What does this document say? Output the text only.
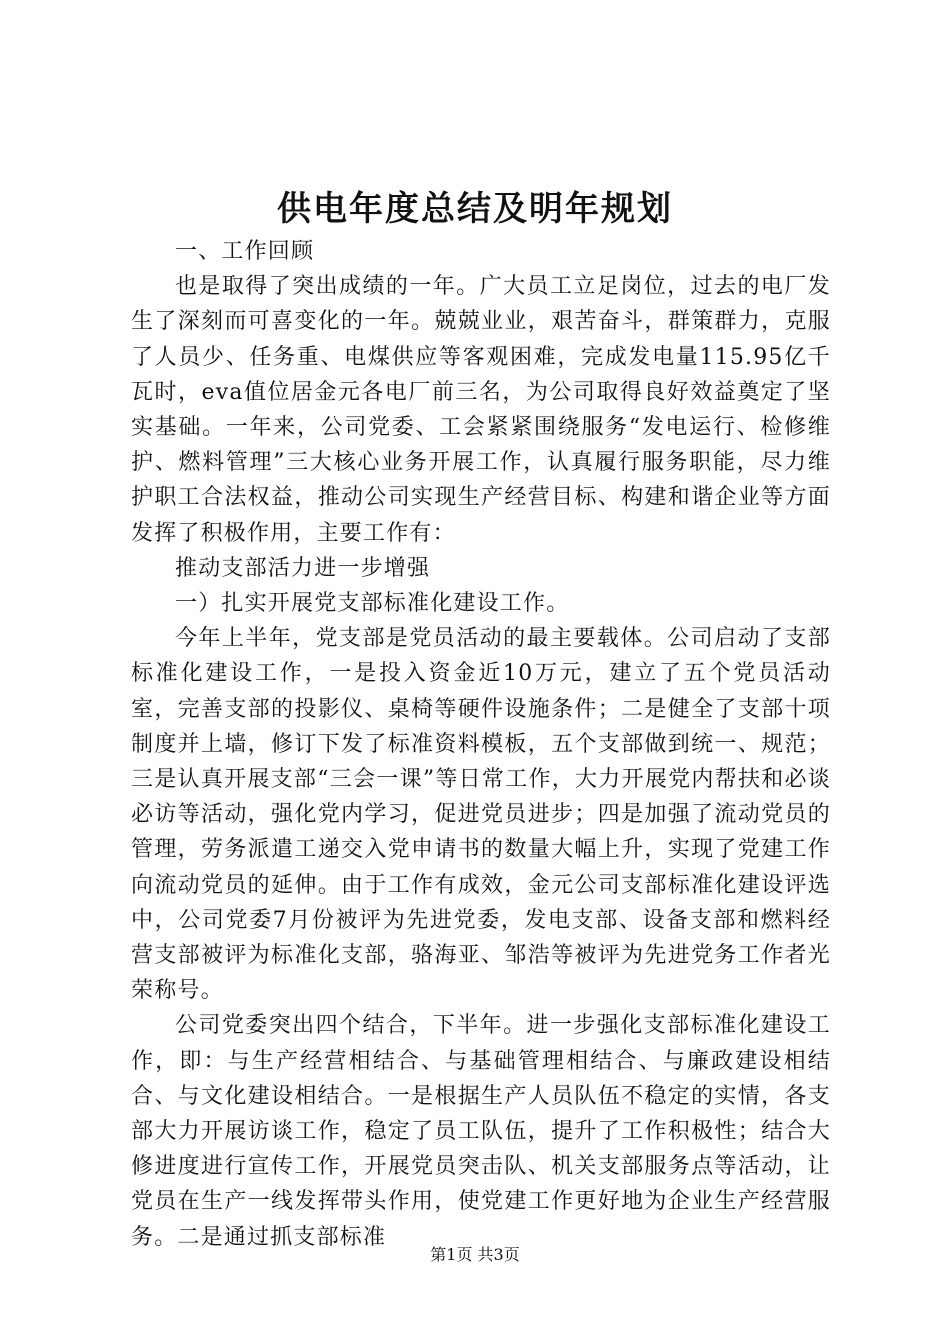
供电年度总结及明年规划

一、工作回顾

也是取得了突出成绩的一年。广大员工立足岗位，过去的电厂发生了深刻而可喜变化的一年。兢兢业业，艰苦奋斗，群策群力，克服了人员少、任务重、电煤供应等客观困难，完成发电量115.95亿千瓦时，eva值位居金元各电厂前三名，为公司取得良好效益奠定了坚实基础。一年来，公司党委、工会紧紧围绕服务“发电运行、检修维护、燃料管理”三大核心业务开展工作，认真履行服务职能，尽力维护职工合法权益，推动公司实现生产经营目标、构建和谐企业等方面发挥了积极作用，主要工作有：

推动支部活力进一步增强

一）扎实开展党支部标准化建设工作。

今年上半年，党支部是党员活动的最主要载体。公司启动了支部标准化建设工作，一是投入资金近10万元，建立了五个党员活动室，完善支部的投影仪、桌椅等硬件设施条件；二是健全了支部十项制度并上墙，修订下发了标准资料模板，五个支部做到统一、规范；三是认真开展支部“三会一课”等日常工作，大力开展党内帮扶和必谈必访等活动，强化党内学习，促进党员进步；四是加强了流动党员的管理，劳务派遣工递交入党申请书的数量大幅上升，实现了党建工作向流动党员的延伸。由于工作有成效，金元公司支部标准化建设评选中，公司党委7月份被评为先进党委，发电支部、设备支部和燃料经营支部被评为标准化支部，骆海亚、邹浩等被评为先进党务工作者光荣称号。

公司党委突出四个结合，下半年。进一步强化支部标准化建设工作，即：与生产经营相结合、与基础管理相结合、与廉政建设相结合、与文化建设相结合。一是根据生产人员队伍不稳定的实情，各支部大力开展访谈工作，稳定了员工队伍，提升了工作积极性；结合大修进度进行宣传工作，开展党员突击队、机关支部服务点等活动，让党员在生产一线发挥带头作用，使党建工作更好地为企业生产经营服务。二是通过抓支部标准

第1页 共3页
